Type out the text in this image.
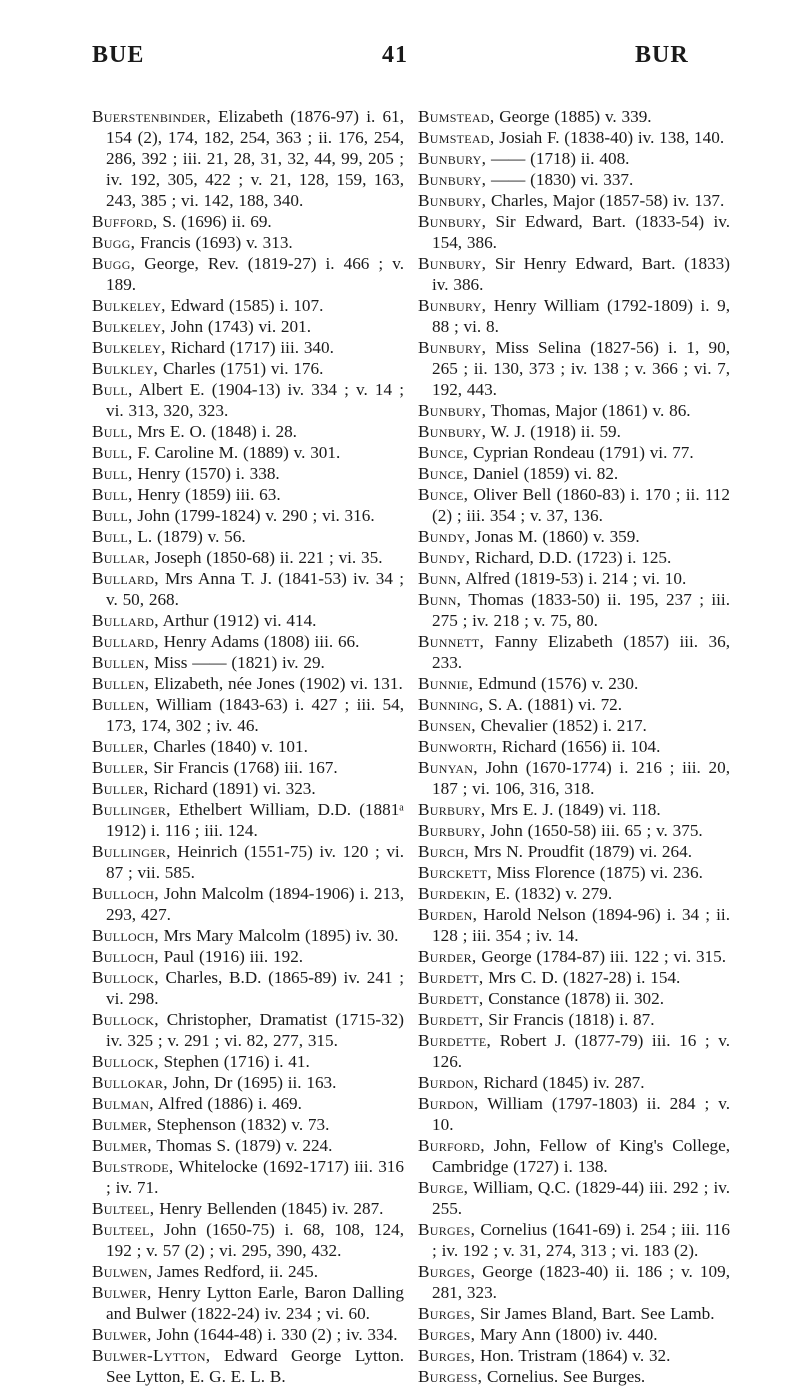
BUE	41	BUR

Buerstenbinder, Elizabeth (1876-97) i. 61, 154 (2), 174, 182, 254, 363 ; ii. 176, 254, 286, 392 ; iii. 21, 28, 31, 32, 44, 99, 205 ; iv. 192, 305, 422 ; v. 21, 128, 159, 163, 243, 385 ; vi. 142, 188, 340.

Bufford, S. (1696) ii. 69.

Bugg, Francis (1693) v. 313.

Bugg, George, Rev. (1819-27) i. 466 ; v. 189.

Bulkeley, Edward (1585) i. 107.

Bulkeley, John (1743) vi. 201.

Bulkeley, Richard (1717) iii. 340.

Bulkley, Charles (1751) vi. 176.

Bull, Albert E. (1904-13) iv. 334 ; v. 14 ; vi. 313, 320, 323.

Bull, Mrs E. O. (1848) i. 28.

Bull, F. Caroline M. (1889) v. 301.

Bull, Henry (1570) i. 338.

Bull, Henry (1859) iii. 63.

Bull, John (1799-1824) v. 290 ; vi. 316.

Bull, L. (1879) v. 56.

Bullar, Joseph (1850-68) ii. 221 ; vi. 35.

Bullard, Mrs Anna T. J. (1841-53) iv. 34 ; v. 50, 268.

Bullard, Arthur (1912) vi. 414.

Bullard, Henry Adams (1808) iii. 66.

Bullen, Miss —— (1821) iv. 29.

Bullen, Elizabeth, née Jones (1902) vi. 131.

Bullen, William (1843-63) i. 427 ; iii. 54, 173, 174, 302 ; iv. 46.

Buller, Charles (1840) v. 101.

Buller, Sir Francis (1768) iii. 167.

Buller, Richard (1891) vi. 323.

Bullinger, Ethelbert William, D.D. (1881ᵃ 1912) i. 116 ; iii. 124.

Bullinger, Heinrich (1551-75) iv. 120 ; vi. 87 ; vii. 585.

Bulloch, John Malcolm (1894-1906) i. 213, 293, 427.

Bulloch, Mrs Mary Malcolm (1895) iv. 30.

Bulloch, Paul (1916) iii. 192.

Bullock, Charles, B.D. (1865-89) iv. 241 ; vi. 298.

Bullock, Christopher, Dramatist (1715-32) iv. 325 ; v. 291 ; vi. 82, 277, 315.

Bullock, Stephen (1716) i. 41.

Bullokar, John, Dr (1695) ii. 163.

Bulman, Alfred (1886) i. 469.

Bulmer, Stephenson (1832) v. 73.

Bulmer, Thomas S. (1879) v. 224.

Bulstrode, Whitelocke (1692-1717) iii. 316 ; iv. 71.

Bulteel, Henry Bellenden (1845) iv. 287.

Bulteel, John (1650-75) i. 68, 108, 124, 192 ; v. 57 (2) ; vi. 295, 390, 432.

Bulwen, James Redford, ii. 245.

Bulwer, Henry Lytton Earle, Baron Dalling and Bulwer (1822-24) iv. 234 ; vi. 60.

Bulwer, John (1644-48) i. 330 (2) ; iv. 334.

Bulwer-Lytton, Edward George Lytton. See Lytton, E. G. E. L. B.

Bumstead, George (1885) v. 339.

Bumstead, Josiah F. (1838-40) iv. 138, 140.

Bunbury, —— (1718) ii. 408.

Bunbury, —— (1830) vi. 337.

Bunbury, Charles, Major (1857-58) iv. 137.

Bunbury, Sir Edward, Bart. (1833-54) iv. 154, 386.

Bunbury, Sir Henry Edward, Bart. (1833) iv. 386.

Bunbury, Henry William (1792-1809) i. 9, 88 ; vi. 8.

Bunbury, Miss Selina (1827-56) i. 1, 90, 265 ; ii. 130, 373 ; iv. 138 ; v. 366 ; vi. 7, 192, 443.

Bunbury, Thomas, Major (1861) v. 86.

Bunbury, W. J. (1918) ii. 59.

Bunce, Cyprian Rondeau (1791) vi. 77.

Bunce, Daniel (1859) vi. 82.

Bunce, Oliver Bell (1860-83) i. 170 ; ii. 112 (2) ; iii. 354 ; v. 37, 136.

Bundy, Jonas M. (1860) v. 359.

Bundy, Richard, D.D. (1723) i. 125.

Bunn, Alfred (1819-53) i. 214 ; vi. 10.

Bunn, Thomas (1833-50) ii. 195, 237 ; iii. 275 ; iv. 218 ; v. 75, 80.

Bunnett, Fanny Elizabeth (1857) iii. 36, 233.

Bunnie, Edmund (1576) v. 230.

Bunning, S. A. (1881) vi. 72.

Bunsen, Chevalier (1852) i. 217.

Bunworth, Richard (1656) ii. 104.

Bunyan, John (1670-1774) i. 216 ; iii. 20, 187 ; vi. 106, 316, 318.

Burbury, Mrs E. J. (1849) vi. 118.

Burbury, John (1650-58) iii. 65 ; v. 375.

Burch, Mrs N. Proudfit (1879) vi. 264.

Burckett, Miss Florence (1875) vi. 236.

Burdekin, E. (1832) v. 279.

Burden, Harold Nelson (1894-96) i. 34 ; ii. 128 ; iii. 354 ; iv. 14.

Burder, George (1784-87) iii. 122 ; vi. 315.

Burdett, Mrs C. D. (1827-28) i. 154.

Burdett, Constance (1878) ii. 302.

Burdett, Sir Francis (1818) i. 87.

Burdette, Robert J. (1877-79) iii. 16 ; v. 126.

Burdon, Richard (1845) iv. 287.

Burdon, William (1797-1803) ii. 284 ; v. 10.

Burford, John, Fellow of King's College, Cambridge (1727) i. 138.

Burge, William, Q.C. (1829-44) iii. 292 ; iv. 255.

Burges, Cornelius (1641-69) i. 254 ; iii. 116 ; iv. 192 ; v. 31, 274, 313 ; vi. 183 (2).

Burges, George (1823-40) ii. 186 ; v. 109, 281, 323.

Burges, Sir James Bland, Bart. See Lamb.

Burges, Mary Ann (1800) iv. 440.

Burges, Hon. Tristram (1864) v. 32.

Burgess, Cornelius. See Burges.
